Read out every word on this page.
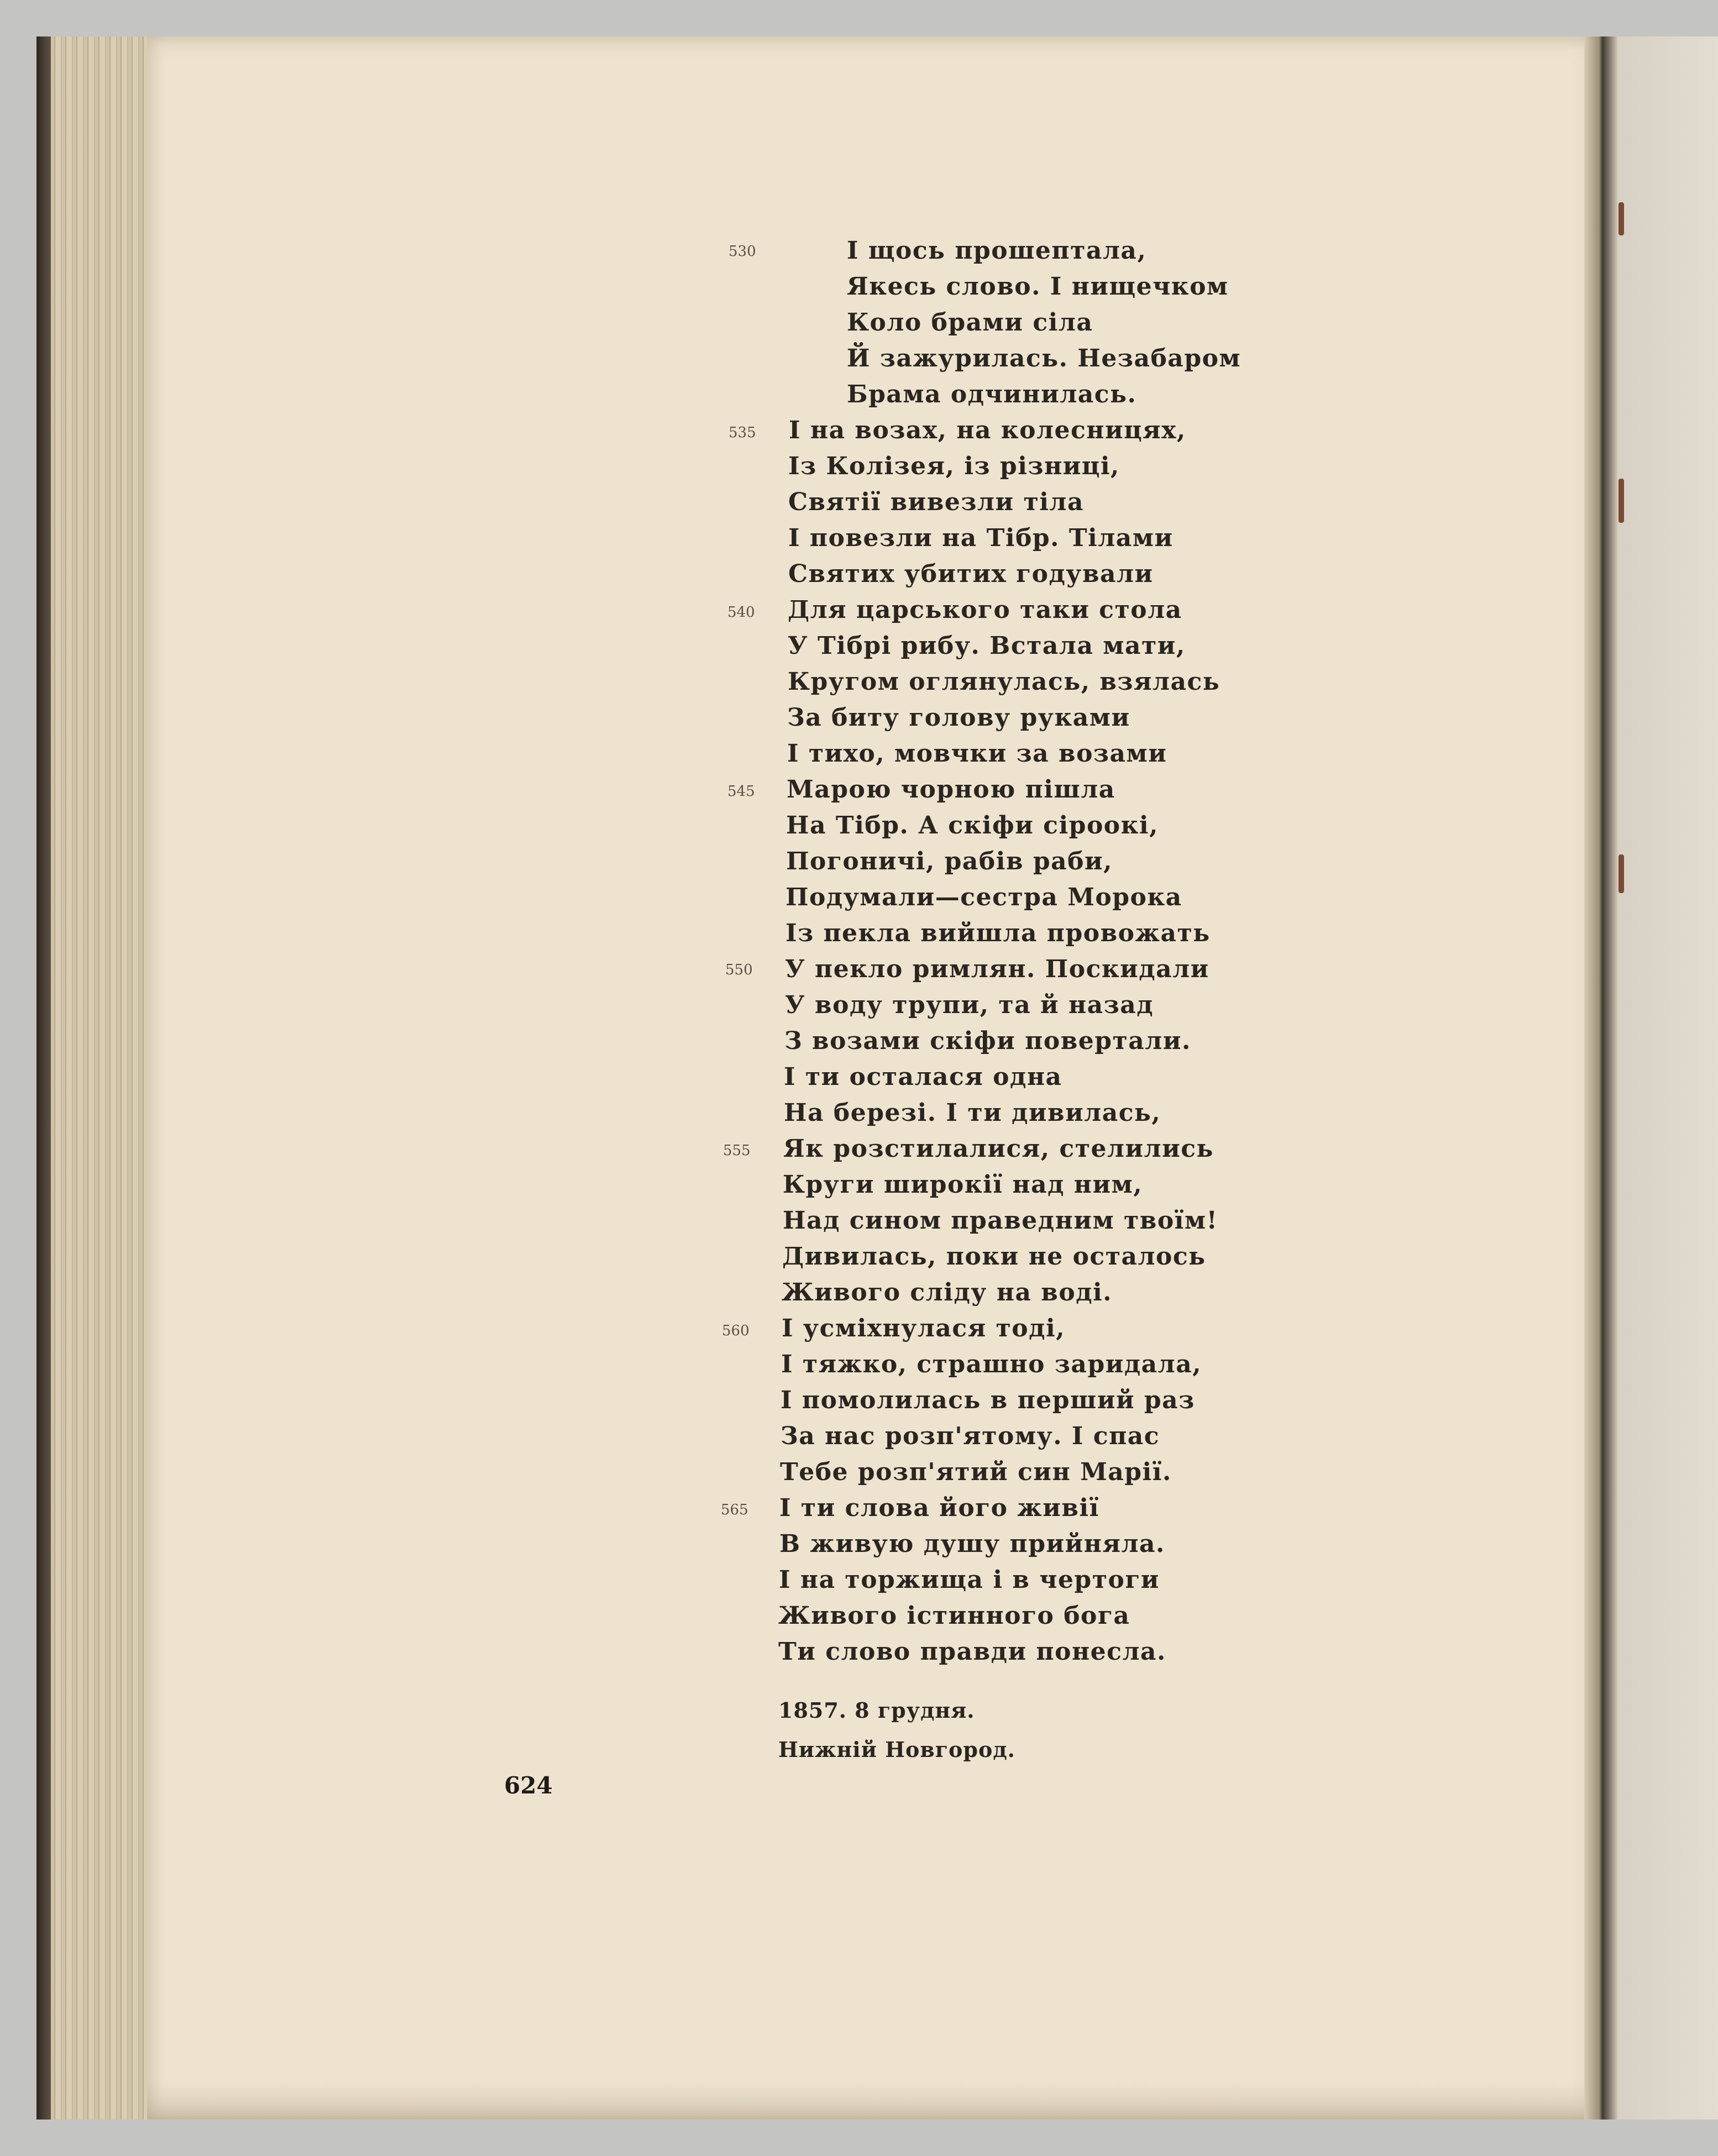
530
535
540
545
550
555
560
565
І щось прошептала,
Якесь слово. І нищечком
Коло брами сіла
Й зажурилась. Незабаром
Брама одчинилась.
І на возах, на колесницях,
Із Колізея, із різниці,
Святії вивезли тіла
І повезли на Тібр. Тілами
Святих убитих годували
Для царського таки стола
У Тібрі рибу. Встала мати,
Кругом оглянулась, взялась
За биту голову руками
І тихо, мовчки за возами
Марою чорною пішла
На Тібр. А скіфи сіроокі,
Погоничі, рабів раби,
Подумали—сестра Морока
Із пекла вийшла провожать
У пекло римлян. Поскидали
У воду трупи, та й назад
З возами скіфи повертали.
І ти осталася одна
На березі. І ти дивилась,
Як розстилалися, стелились
Круги широкії над ним,
Над сином праведним твоїм!
Дивилась, поки не осталось
Живого сліду на воді.
І усміхнулася тоді,
І тяжко, страшно заридала,
І помолилась в перший раз
За нас розп'ятому. І спас
Тебе розп'ятий син Марії.
І ти слова його живії
В живую душу прийняла.
І на торжища і в чертоги
Живого істинного бога
Ти слово правди понесла.
1857. 8 грудня.
Нижній Новгород.
624
